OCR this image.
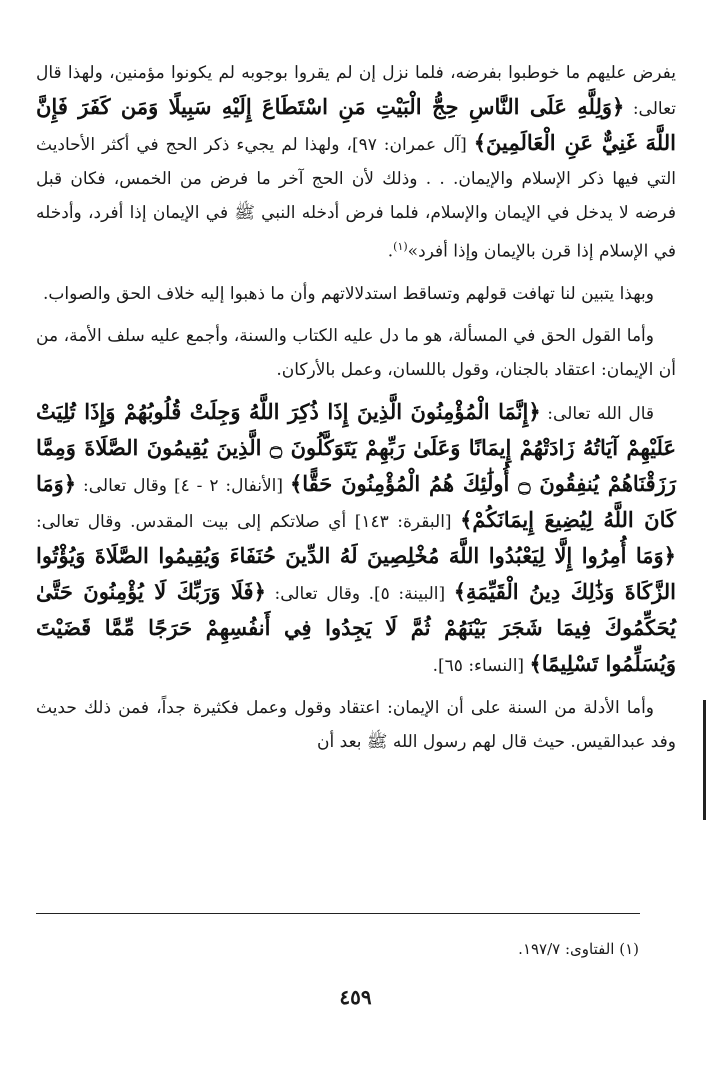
يفرض عليهم ما خوطبوا بفرضه، فلما نزل إن لم يقروا بوجوبه لم يكونوا مؤمنين، ولهذا قال تعالى: ﴿وَلِلَّهِ عَلَى النَّاسِ حِجُّ الْبَيْتِ مَنِ اسْتَطَاعَ إِلَيْهِ سَبِيلًا وَمَن كَفَرَ فَإِنَّ اللَّهَ غَنِيٌّ عَنِ الْعَالَمِينَ﴾ [آل عمران: ٩٧]، ولهذا لم يجيء ذكر الحج في أكثر الأحاديث التي فيها ذكر الإسلام والإيمان. . . وذلك لأن الحج آخر ما فرض من الخمس، فكان قبل فرضه لا يدخل في الإيمان والإسلام، فلما فرض أدخله النبي ﷺ في الإيمان إذا أفرد، وأدخله في الإسلام إذا قرن بالإيمان وإذا أفرد»$^{(١)}$.

وبهذا يتبين لنا تهافت قولهم وتساقط استدلالاتهم وأن ما ذهبوا إليه خلاف الحق والصواب.

وأما القول الحق في المسألة، هو ما دل عليه الكتاب والسنة، وأجمع عليه سلف الأمة، من أن الإيمان: اعتقاد بالجنان، وقول باللسان، وعمل بالأركان.

قال الله تعالى: ﴿إِنَّمَا الْمُؤْمِنُونَ الَّذِينَ إِذَا ذُكِرَ اللَّهُ وَجِلَتْ قُلُوبُهُمْ وَإِذَا تُلِيَتْ عَلَيْهِمْ آيَاتُهُ زَادَتْهُمْ إِيمَانًا وَعَلَىٰ رَبِّهِمْ يَتَوَكَّلُونَ ۝ الَّذِينَ يُقِيمُونَ الصَّلَاةَ وَمِمَّا رَزَقْنَاهُمْ يُنفِقُونَ ۝ أُولَٰئِكَ هُمُ الْمُؤْمِنُونَ حَقًّا﴾ [الأنفال: ٢ - ٤] وقال تعالى: ﴿وَمَا كَانَ اللَّهُ لِيُضِيعَ إِيمَانَكُمْ﴾ [البقرة: ١٤٣] أي صلاتكم إلى بيت المقدس. وقال تعالى: ﴿وَمَا أُمِرُوا إِلَّا لِيَعْبُدُوا اللَّهَ مُخْلِصِينَ لَهُ الدِّينَ حُنَفَاءَ وَيُقِيمُوا الصَّلَاةَ وَيُؤْتُوا الزَّكَاةَ وَذَٰلِكَ دِينُ الْقَيِّمَةِ﴾ [البينة: ٥]. وقال تعالى: ﴿فَلَا وَرَبِّكَ لَا يُؤْمِنُونَ حَتَّىٰ يُحَكِّمُوكَ فِيمَا شَجَرَ بَيْنَهُمْ ثُمَّ لَا يَجِدُوا فِي أَنفُسِهِمْ حَرَجًا مِّمَّا قَضَيْتَ وَيُسَلِّمُوا تَسْلِيمًا﴾ [النساء: ٦٥].

وأما الأدلة من السنة على أن الإيمان: اعتقاد وقول وعمل فكثيرة جداً، فمن ذلك حديث وفد عبدالقيس. حيث قال لهم رسول الله ﷺ بعد أن

(١) الفتاوى: ١٩٧/٧.
٤٥٩
